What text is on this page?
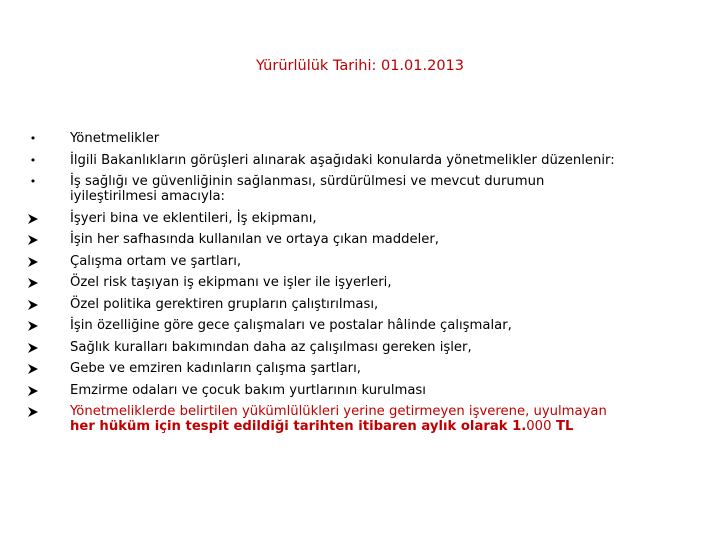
Yürürlülük Tarihi: 01.01.2013
•	Yönetmelikler
•	İlgili Bakanlıkların görüşleri alınarak aşağıdaki konularda yönetmelikler düzenlenir:
•	İş sağlığı ve güvenliğinin sağlanması, sürdürülmesi ve mevcut durumun iyileştirilmesi amacıyla:
İşyeri bina ve eklentileri, İş ekipmanı,
İşin her safhasında kullanılan ve ortaya çıkan maddeler,
Çalışma ortam ve şartları,
Özel risk taşıyan iş ekipmanı ve işler ile işyerleri,
Özel politika gerektiren grupların çalıştırılması,
İşin özelliğine göre gece çalışmaları ve postalar hâlinde çalışmalar,
Sağlık kuralları bakımından daha az çalışılması gereken işler,
Gebe ve emziren kadınların çalışma şartları,
Emzirme odaları ve çocuk bakım yurtlarının kurulması
Yönetmeliklerde belirtilen yükümlülükleri yerine getirmeyen işverene, uyulmayan
her hüküm için tespit edildiği tarihten itibaren aylık olarak 1.000 TL
